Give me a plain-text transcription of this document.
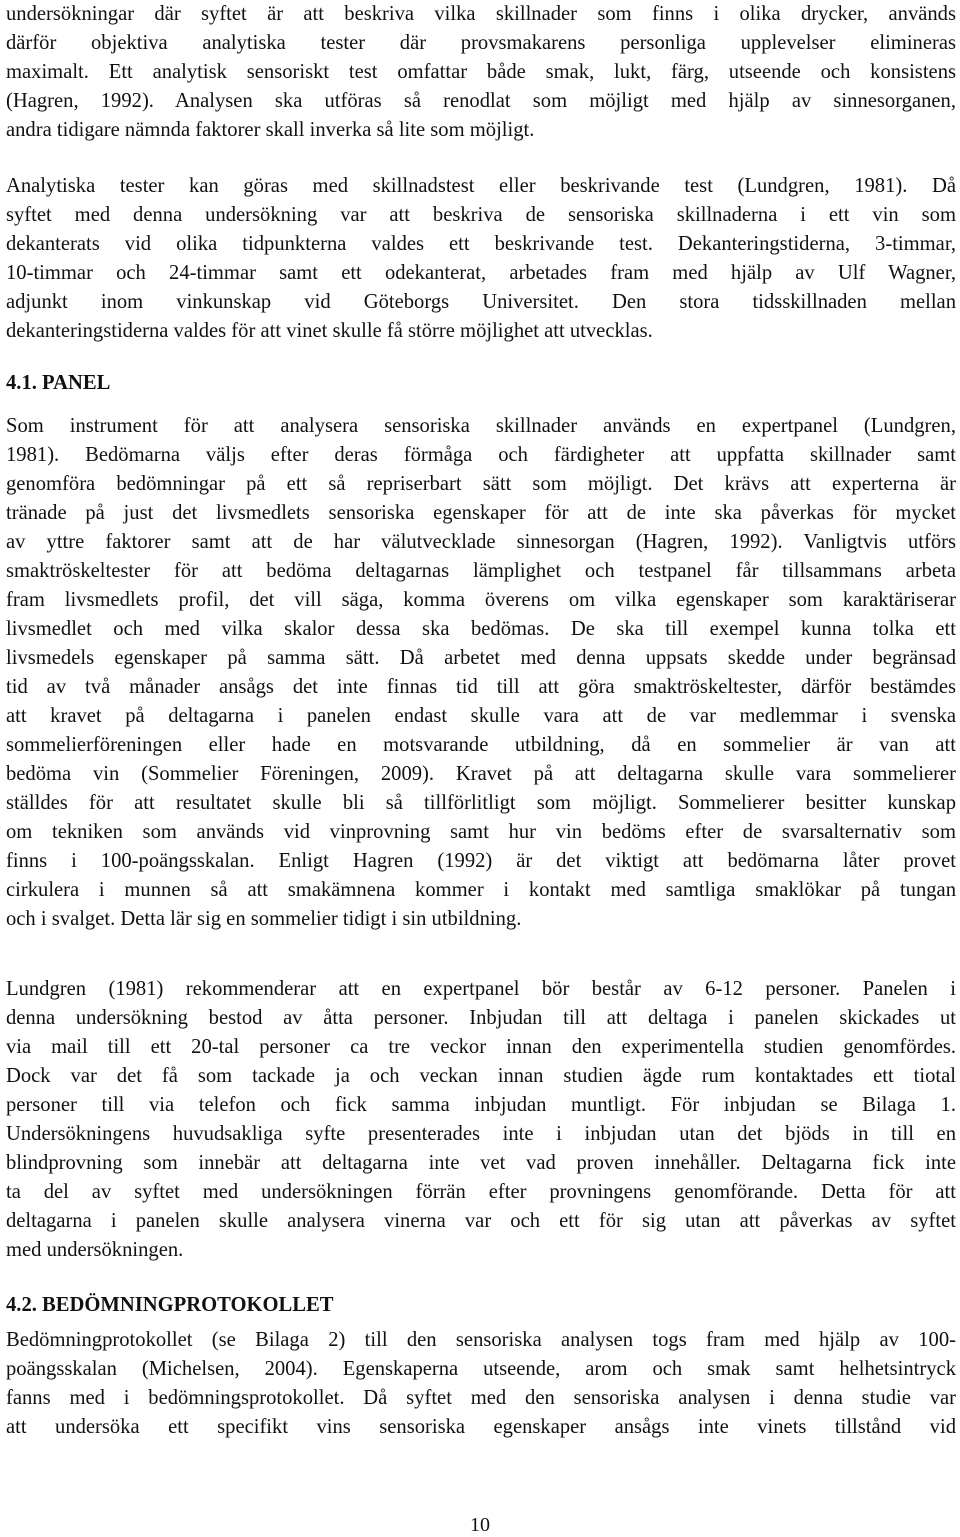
undersökningar där syftet är att beskriva vilka skillnader som finns i olika drycker, används
därför objektiva analytiska tester där provsmakarens personliga upplevelser elimineras
maximalt. Ett analytisk sensoriskt test omfattar både smak, lukt, färg, utseende och konsistens
(Hagren, 1992). Analysen ska utföras så renodlat som möjligt med hjälp av sinnesorganen,
andra tidigare nämnda faktorer skall inverka så lite som möjligt.
Analytiska tester kan göras med skillnadstest eller beskrivande test (Lundgren, 1981). Då
syftet med denna undersökning var att beskriva de sensoriska skillnaderna i ett vin som
dekanterats vid olika tidpunkterna valdes ett beskrivande test. Dekanteringstiderna, 3-timmar,
10-timmar och 24-timmar samt ett odekanterat, arbetades fram med hjälp av Ulf Wagner,
adjunkt inom vinkunskap vid Göteborgs Universitet. Den stora tidsskillnaden mellan
dekanteringstiderna valdes för att vinet skulle få större möjlighet att utvecklas.
4.1. PANEL
Som instrument för att analysera sensoriska skillnader används en expertpanel (Lundgren,
1981). Bedömarna väljs efter deras förmåga och färdigheter att uppfatta skillnader samt
genomföra bedömningar på ett så repriserbart sätt som möjligt. Det krävs att experterna är
tränade på just det livsmedlets sensoriska egenskaper för att de inte ska påverkas för mycket
av yttre faktorer samt att de har välutvecklade sinnesorgan (Hagren, 1992). Vanligtvis utförs
smaktröskeltester för att bedöma deltagarnas lämplighet och testpanel får tillsammans arbeta
fram livsmedlets profil, det vill säga, komma överens om vilka egenskaper som karaktäriserar
livsmedlet och med vilka skalor dessa ska bedömas. De ska till exempel kunna tolka ett
livsmedels egenskaper på samma sätt. Då arbetet med denna uppsats skedde under begränsad
tid av två månader ansågs det inte finnas tid till att göra smaktröskeltester, därför bestämdes
att kravet på deltagarna i panelen endast skulle vara att de var medlemmar i svenska
sommelierföreningen eller hade en motsvarande utbildning, då en sommelier är van att
bedöma vin (Sommelier Föreningen, 2009). Kravet på att deltagarna skulle vara sommelierer
ställdes för att resultatet skulle bli så tillförlitligt som möjligt. Sommelierer besitter kunskap
om tekniken som används vid vinprovning samt hur vin bedöms efter de svarsalternativ som
finns i 100-poängsskalan. Enligt Hagren (1992) är det viktigt att bedömarna låter provet
cirkulera i munnen så att smakämnena kommer i kontakt med samtliga smaklökar på tungan
och i svalget. Detta lär sig en sommelier tidigt i sin utbildning.
Lundgren (1981) rekommenderar att en expertpanel bör består av 6-12 personer. Panelen i
denna undersökning bestod av åtta personer. Inbjudan till att deltaga i panelen skickades ut
via mail till ett 20-tal personer ca tre veckor innan den experimentella studien genomfördes.
Dock var det få som tackade ja och veckan innan studien ägde rum kontaktades ett tiotal
personer till via telefon och fick samma inbjudan muntligt. För inbjudan se Bilaga 1.
Undersökningens huvudsakliga syfte presenterades inte i inbjudan utan det bjöds in till en
blindprovning som innebär att deltagarna inte vet vad proven innehåller. Deltagarna fick inte
ta del av syftet med undersökningen förrän efter provningens genomförande. Detta för att
deltagarna i panelen skulle analysera vinerna var och ett för sig utan att påverkas av syftet
med undersökningen.
4.2. BEDÖMNINGPROTOKOLLET
Bedömningprotokollet (se Bilaga 2) till den sensoriska analysen togs fram med hjälp av 100-
poängsskalan (Michelsen, 2004). Egenskaperna utseende, arom och smak samt helhetsintryck
fanns med i bedömningsprotokollet. Då syftet med den sensoriska analysen i denna studie var
att undersöka ett specifikt vins sensoriska egenskaper ansågs inte vinets tillstånd vid
10
